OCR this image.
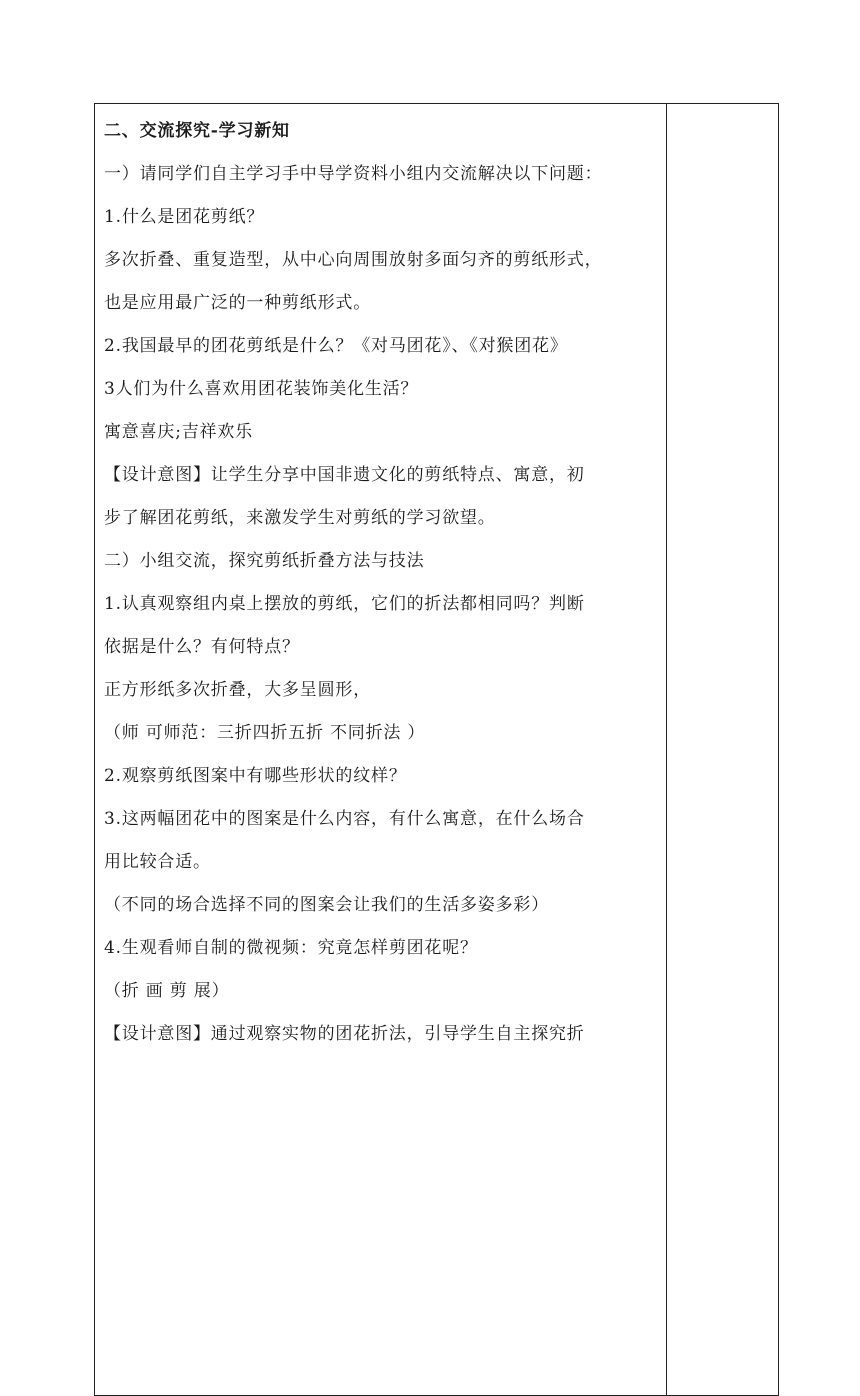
二、交流探究-学习新知
一）请同学们自主学习手中导学资料小组内交流解决以下问题：
1.什么是团花剪纸？
多次折叠、重复造型，从中心向周围放射多面匀齐的剪纸形式，
也是应用最广泛的一种剪纸形式。
2.我国最早的团花剪纸是什么？《对马团花》、《对猴团花》
3人们为什么喜欢用团花装饰美化生活？
寓意喜庆;吉祥欢乐
【设计意图】让学生分享中国非遗文化的剪纸特点、寓意，初
步了解团花剪纸，来激发学生对剪纸的学习欲望。
二）小组交流，探究剪纸折叠方法与技法
1.认真观察组内桌上摆放的剪纸，它们的折法都相同吗？判断
依据是什么？有何特点？
正方形纸多次折叠，大多呈圆形，
（师 可师范：三折四折五折 不同折法 ）
2.观察剪纸图案中有哪些形状的纹样？
3.这两幅团花中的图案是什么内容，有什么寓意，在什么场合
用比较合适。
（不同的场合选择不同的图案会让我们的生活多姿多彩）
4.生观看师自制的微视频：究竟怎样剪团花呢？
（折 画 剪 展）
【设计意图】通过观察实物的团花折法，引导学生自主探究折
